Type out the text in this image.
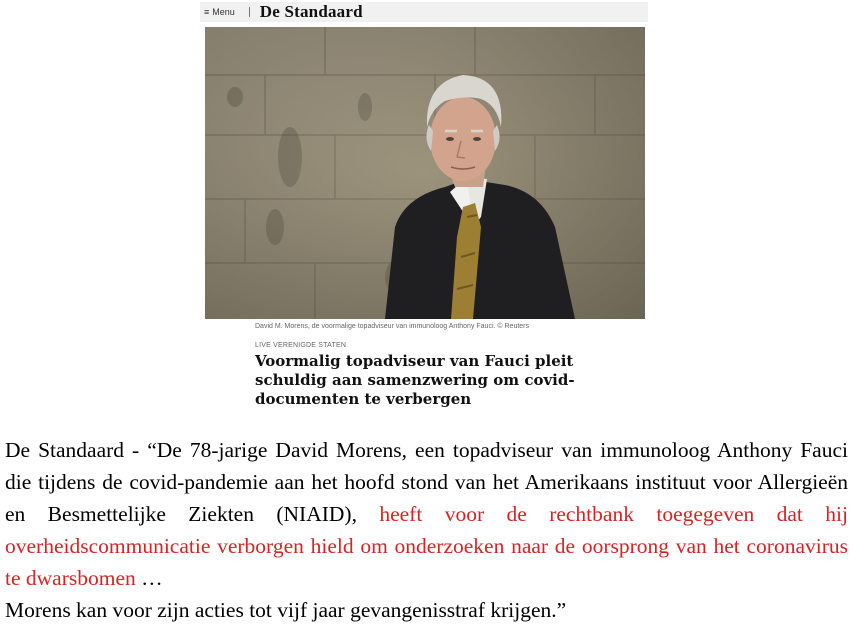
≡ Menu De Standaard
David M. Morens, de voormalige topadviseur van immunoloog Anthony Fauci. © Reuters
LIVE VERENIGDE STATEN
Voormalig topadviseur van Fauci pleit
schuldig aan samenzwering om covid-
documenten te verbergen

De Standaard - “De 78-jarige David Morens, een topadviseur van immunoloog Anthony Fauci die tijdens de covid-pandemie aan het hoofd stond van het Amerikaans instituut voor Allergieën en Besmettelijke Ziekten (NIAID), heeft voor de rechtbank toegegeven dat hij overheidscommunicatie verborgen hield om onderzoeken naar de oorsprong van het coronavirus te dwarsbomen …

Morens kan voor zijn acties tot vijf jaar gevangenisstraf krijgen.”
